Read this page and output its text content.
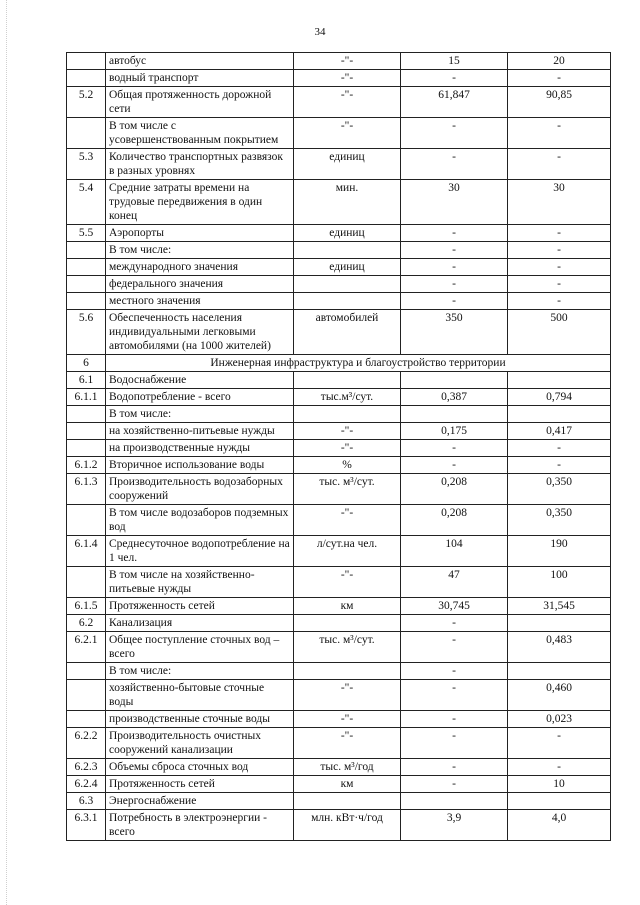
34
	автобус	-"-	15	20
	водный транспорт	-"-	-	-
5.2	Общая протяженность дорожной сети	-"-	61,847	90,85
	В том числе с усовершенствованным покрытием	-"-	-	-
5.3	Количество транспортных развязок в разных уровнях	единиц	-	-
5.4	Средние затраты времени на трудовые передвижения в один конец	мин.	30	30
5.5	Аэропорты	единиц	-	-
	В том числе:		-	-
	международного значения	единиц	-	-
	федерального значения		-	-
	местного значения		-	-
5.6	Обеспеченность населения индивидуальными легковыми автомобилями (на 1000 жителей)	автомобилей	350	500
6	Инженерная инфраструктура и благоустройство территории			
6.1	Водоснабжение			
6.1.1	Водопотребление - всего	тыс.м³/сут.	0,387	0,794
	В том числе:			
	на хозяйственно-питьевые нужды	-"-	0,175	0,417
	на производственные нужды	-"-	-	-
6.1.2	Вторичное использование воды	%	-	-
6.1.3	Производительность водозаборных сооружений	тыс. м³/сут.	0,208	0,350
	В том числе водозаборов подземных вод	-"-	0,208	0,350
6.1.4	Среднесуточное водопотребление на 1 чел.	л/сут.на чел.	104	190
	В том числе на хозяйственно-питьевые нужды	-"-	47	100
6.1.5	Протяженность сетей	км	30,745	31,545
6.2	Канализация		-	
6.2.1	Общее поступление сточных вод – всего	тыс. м³/сут.	-	0,483
	В том числе:		-	
	хозяйственно-бытовые сточные воды	-"-	-	0,460
	производственные сточные воды	-"-	-	0,023
6.2.2	Производительность очистных сооружений канализации	-"-	-	-
6.2.3	Объемы сброса сточных вод	тыс. м³/год	-	-
6.2.4	Протяженность сетей	км	-	10
6.3	Энергоснабжение			
6.3.1	Потребность в электроэнергии - всего	млн. кВт·ч/год	3,9	4,0
